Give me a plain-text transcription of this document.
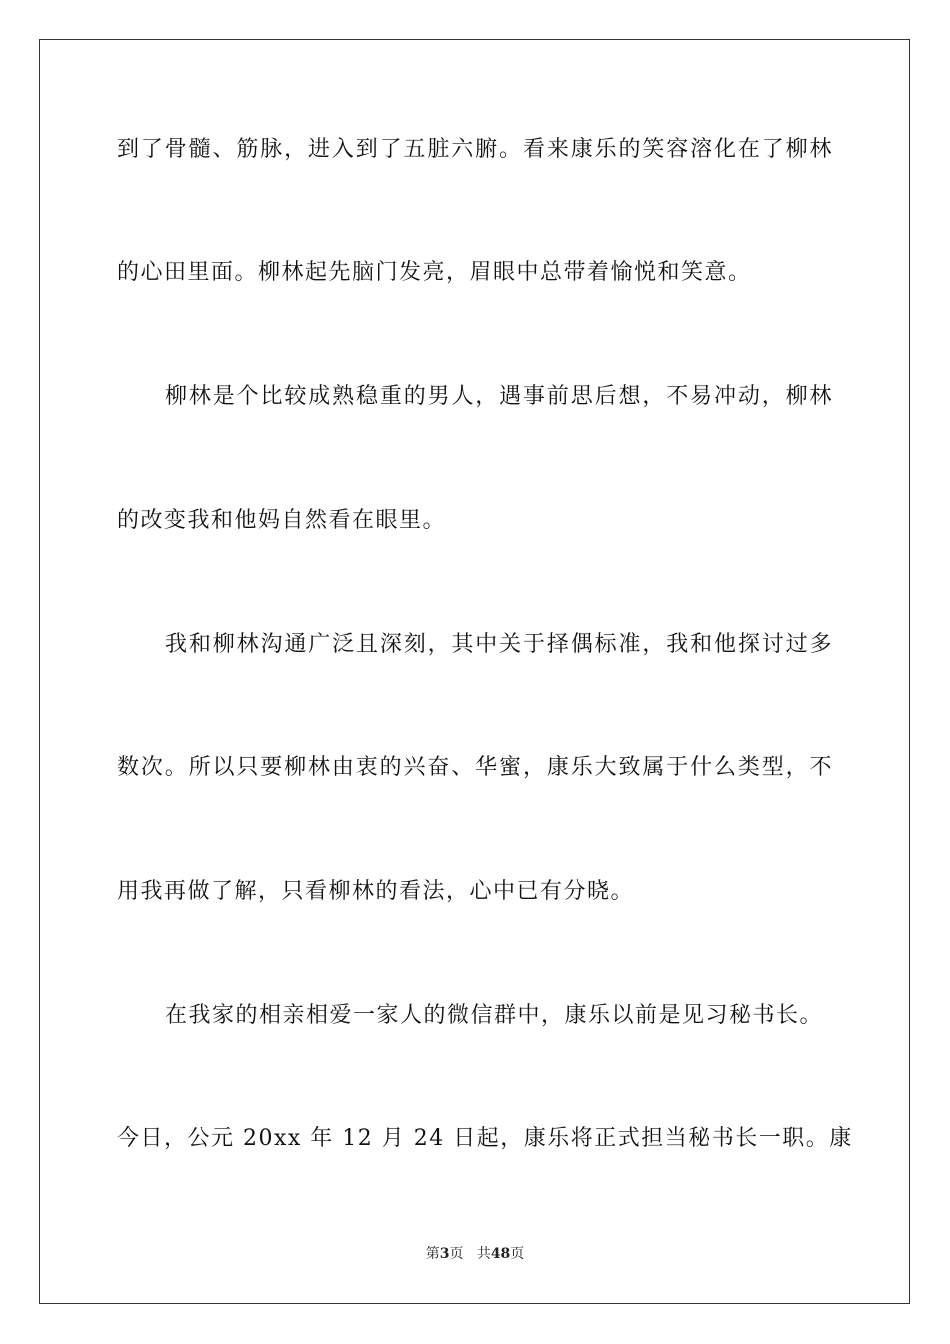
到了骨髓、筋脉，进入到了五脏六腑。看来康乐的笑容溶化在了柳林
的心田里面。柳林起先脑门发亮，眉眼中总带着愉悦和笑意。
柳林是个比较成熟稳重的男人，遇事前思后想，不易冲动，柳林
的改变我和他妈自然看在眼里。
我和柳林沟通广泛且深刻，其中关于择偶标准，我和他探讨过多
数次。所以只要柳林由衷的兴奋、华蜜，康乐大致属于什么类型，不
用我再做了解，只看柳林的看法，心中已有分晓。
在我家的相亲相爱一家人的微信群中，康乐以前是见习秘书长。
今日，公元 20xx 年 12 月 24 日起，康乐将正式担当秘书长一职。康
第3页 共48页
